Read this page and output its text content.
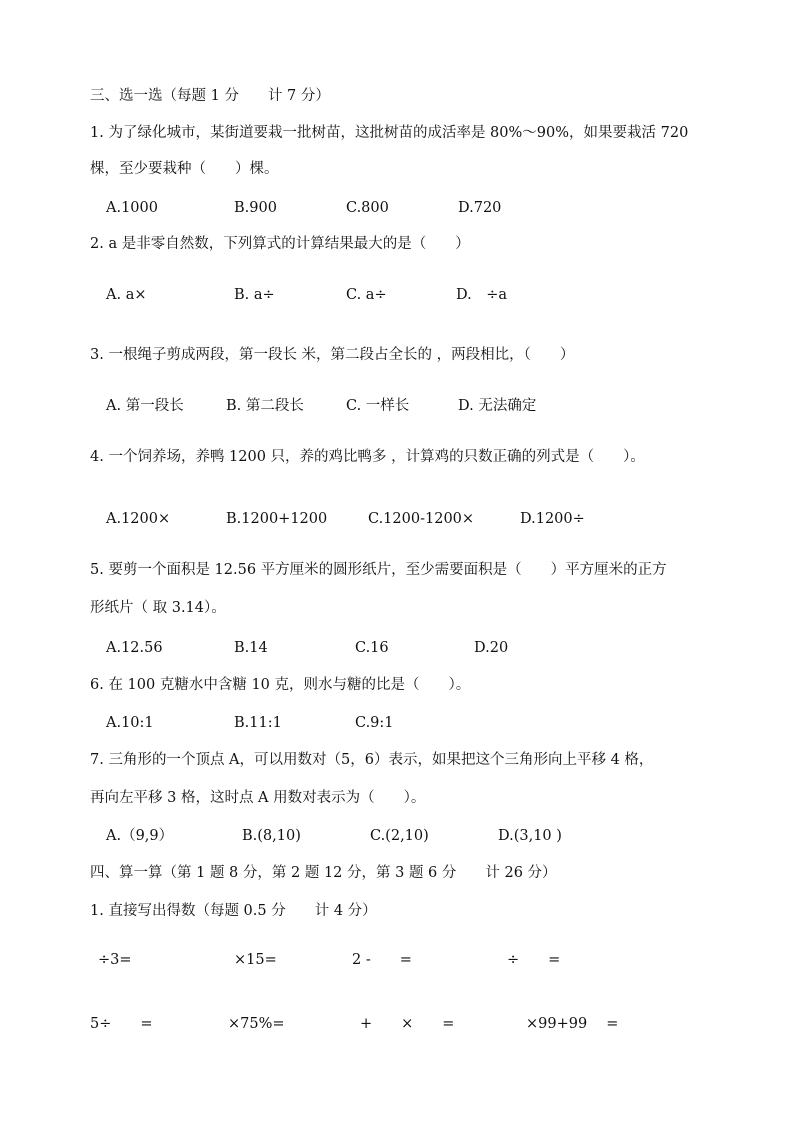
三、选一选（每题 1 分　　计 7 分）
1. 为了绿化城市，某街道要栽一批树苗，这批树苗的成活率是 80%～90%，如果要栽活 720
棵，至少要栽种（　　）棵。
A.1000	B.900	C.800	D.720
2. a 是非零自然数，下列算式的计算结果最大的是（　　）
A. a×	B. a÷	C. a÷	D.　÷a
3. 一根绳子剪成两段，第一段长 米，第二段占全长的 ，两段相比，（　　）
A. 第一段长	B. 第二段长	C. 一样长	D. 无法确定
4. 一个饲养场，养鸭 1200 只，养的鸡比鸭多 ，计算鸡的只数正确的列式是（　　）。
A.1200×	B.1200+1200	C.1200-1200×	D.1200÷
5. 要剪一个面积是 12.56 平方厘米的圆形纸片，至少需要面积是（　　）平方厘米的正方
形纸片（ 取 3.14）。
A.12.56	B.14	C.16	D.20
6. 在 100 克糖水中含糖 10 克，则水与糖的比是（　　）。
A.10:1	B.11:1	C.9:1
7. 三角形的一个顶点 A，可以用数对（5，6）表示，如果把这个三角形向上平移 4 格，
再向左平移 3 格，这时点 A 用数对表示为（　　）。
A.（9,9）	B.(8,10)	C.(2,10)	D.(3,10 )
四、算一算（第 1 题 8 分，第 2 题 12 分，第 3 题 6 分　　计 26 分）
1. 直接写出得数（每题 0.5 分　　计 4 分）
÷3=	×15=	2 -　　=	÷　　=
5÷　　=	×75%=	+　　×　　=	×99+99　 =
